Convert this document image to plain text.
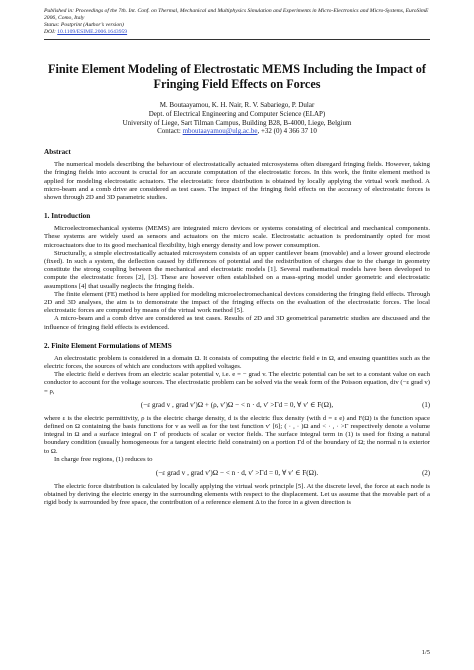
Published in: Proceedings of the 7th. Int. Conf. on Thermal, Mechanical and Multiphysics Simulation and Experiments in Micro-Electronics and Micro-Systems, EuroSimE 2006, Como, Italy
Status: Postprint (Author’s version)
DOI: 10.1109/ESIME.2006.1643959
Finite Element Modeling of Electrostatic MEMS Including the Impact of Fringing Field Effects on Forces
M. Boutaayamou, K. H. Nair, R. V. Sabariego, P. Dular
Dept. of Electrical Engineering and Computer Science (ELAP)
University of Liege, Sart Tilman Campus, Building B28, B-4000, Liege, Belgium
Contact: mboutaayamou@ulg.ac.be, +32 (0) 4 366 37 10
Abstract

The numerical models describing the behaviour of electrostatically actuated microsystems often disregard fringing fields. However, taking the fringing fields into account is crucial for an accurate computation of the electrostatic forces. In this work, the finite element method is applied for modeling electrostatic actuators. The electrostatic force distribution is obtained by locally applying the virtual work method. A micro-beam and a comb drive are considered as test cases. The impact of the fringing field effects on the accuracy of electrostatic forces is shown through 2D and 3D parametric studies.

1. Introduction

Microelectromechanical systems (MEMS) are integrated micro devices or systems consisting of electrical and mechanical components. These systems are widely used as sensors and actuators on the micro scale. Electrostatic actuation is predominantly opted for most microactuators due to its good mechanical flexibility, high energy density and low power consumption.

Structurally, a simple electrostatically actuated microsystem consists of an upper cantilever beam (movable) and a lower ground electrode (fixed). In such a system, the deflection caused by differences of potential and the redistribution of charges due to the change in geometry constitute the strong coupling between the mechanical and electrostatic models [1]. Several mathematical models have been developed to compute the electrostatic forces [2], [3]. These are however often established on a mass-spring model under geometric and electrostatic assumptions [4] that usually neglects the fringing fields.

The finite element (FE) method is here applied for modeling microelectromechanical devices considering the fringing field effects. Through 2D and 3D analyses, the aim is to demonstrate the impact of the fringing effects on the evaluation of the electrostatic forces. The local electrostatic forces are computed by means of the virtual work method [5].

A micro-beam and a comb drive are considered as test cases. Results of 2D and 3D geometrical parametric studies are discussed and the influence of fringing field effects is evidenced.

2. Finite Element Formulations of MEMS

An electrostatic problem is considered in a domain Ω. It consists of computing the electric field e in Ω, and ensuing quantities such as the electric forces, the sources of which are conductors with applied voltages.

The electric field e derives from an electric scalar potential v, i.e. e = − grad v. The electric potential can be set to a constant value on each conductor to account for the voltage sources. The electrostatic problem can be solved via the weak form of the Poisson equation, div (−ε grad v) = ρ,

(−ε grad v , grad v′)Ω + (ρ, v′)Ω − < n · d, v′ >Γd = 0, ∀ v′ ∈ F(Ω),	(1)

where ε is the electric permittivity, ρ is the electric charge density, d is the electric flux density (with d = ε e) and F(Ω) is the function space defined on Ω containing the basis functions for v as well as for the test function v′ [6]; ( · , · )Ω and < · , · >Γ respectively denote a volume integral in Ω and a surface integral on Γ of products of scalar or vector fields. The surface integral term in (1) is used for fixing a natural boundary condition (usually homogeneous for a tangent electric field constraint) on a portion Γd of the boundary of Ω; the normal n is exterior to Ω.

In charge free regions, (1) reduces to

(−ε grad v , grad v′)Ω − < n · d, v′ >Γd = 0, ∀ v′ ∈ F(Ω).	(2)

The electric force distribution is calculated by locally applying the virtual work principle [5]. At the discrete level, the force at each node is obtained by deriving the electric energy in the surrounding elements with respect to the displacement. Let us assume that the movable part of a rigid body is surrounded by free space, the contribution of a reference element Δ to the force in a given direction is

1/5
